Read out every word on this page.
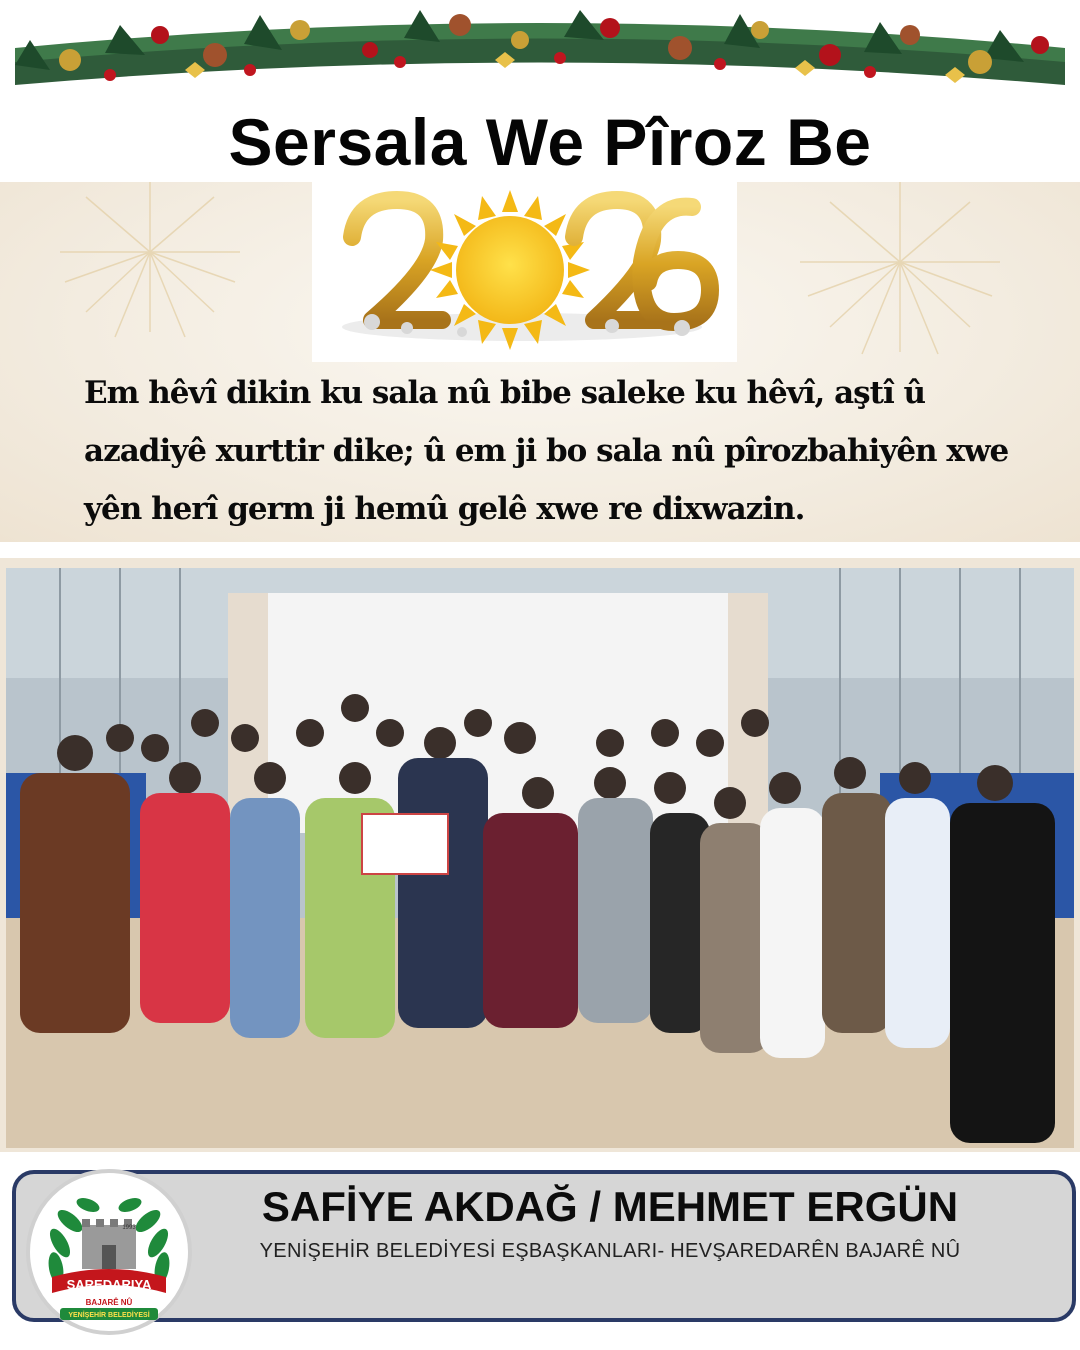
Sersala We Pîroz Be
Em hêvî dikin ku sala nû bibe saleke ku hêvî, aştî û azadiyê xurttir dike; û em ji bo sala nû pîrozbahiyên xwe yên herî germ ji hemû gelê xwe re dixwazin.
ŞAREDARIYA
BAJARÊ NÛ
YENİŞEHİR BELEDİYESİ
1993	SAFİYE AKDAĞ / MEHMET ERGÜN
YENİŞEHİR BELEDİYESİ EŞBAŞKANLARI- HEVŞAREDARÊN BAJARÊ NÛ
